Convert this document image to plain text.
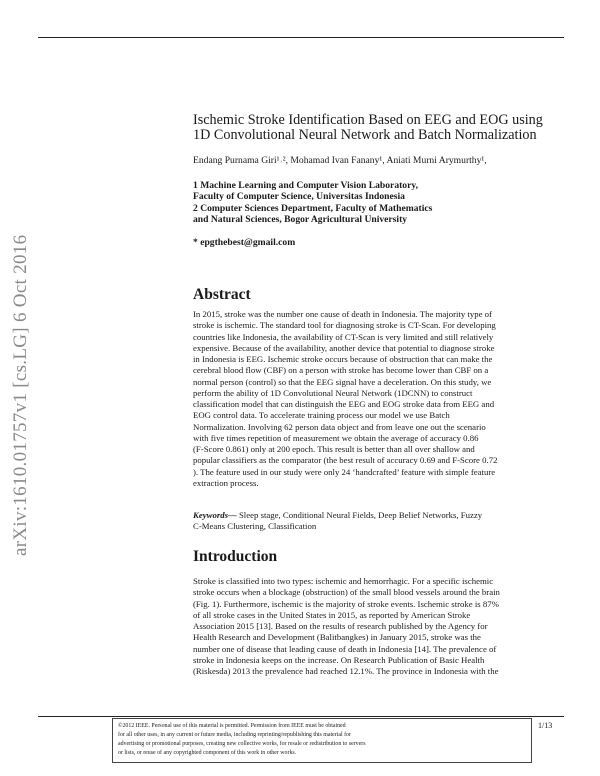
arXiv:1610.01757v1 [cs.LG] 6 Oct 2016
Ischemic Stroke Identification Based on EEG and EOG using
1D Convolutional Neural Network and Batch Normalization
Endang Purnama Giri¹˒², Mohamad Ivan Fanany¹, Aniati Murni Arymurthy¹,
1 Machine Learning and Computer Vision Laboratory,
Faculty of Computer Science, Universitas Indonesia
2 Computer Sciences Department, Faculty of Mathematics
and Natural Sciences, Bogor Agricultural University
* epgthebest@gmail.com
Abstract
In 2015, stroke was the number one cause of death in Indonesia. The majority type of
stroke is ischemic. The standard tool for diagnosing stroke is CT-Scan. For developing
countries like Indonesia, the availability of CT-Scan is very limited and still relatively
expensive. Because of the availability, another device that potential to diagnose stroke
in Indonesia is EEG. Ischemic stroke occurs because of obstruction that can make the
cerebral blood flow (CBF) on a person with stroke has become lower than CBF on a
normal person (control) so that the EEG signal have a deceleration. On this study, we
perform the ability of 1D Convolutional Neural Network (1DCNN) to construct
classification model that can distinguish the EEG and EOG stroke data from EEG and
EOG control data. To accelerate training process our model we use Batch
Normalization. Involving 62 person data object and from leave one out the scenario
with five times repetition of measurement we obtain the average of accuracy 0.86
(F-Score 0.861) only at 200 epoch. This result is better than all over shallow and
popular classifiers as the comparator (the best result of accuracy 0.69 and F-Score 0.72
). The feature used in our study were only 24 ‘handcrafted’ feature with simple feature
extraction process.
Keywords— Sleep stage, Conditional Neural Fields, Deep Belief Networks, Fuzzy
C-Means Clustering, Classification
Introduction
Stroke is classified into two types: ischemic and hemorrhagic. For a specific ischemic
stroke occurs when a blockage (obstruction) of the small blood vessels around the brain
(Fig. 1). Furthermore, ischemic is the majority of stroke events. Ischemic stroke is 87%
of all stroke cases in the United States in 2015, as reported by American Stroke
Association 2015 [13]. Based on the results of research published by the Agency for
Health Research and Development (Balitbangkes) in January 2015, stroke was the
number one of disease that leading cause of death in Indonesia [14]. The prevalence of
stroke in Indonesia keeps on the increase. On Research Publication of Basic Health
(Riskesda) 2013 the prevalence had reached 12.1%. The province in Indonesia with the
©2012 IEEE. Personal use of this material is permitted. Permission from IEEE must be obtained
for all other uses, in any current or future media, including reprinting/republishing this material for
advertising or promotional purposes, creating new collective works, for resale or redistribution to servers
or lists, or reuse of any copyrighted component of this work in other works.
1/13
